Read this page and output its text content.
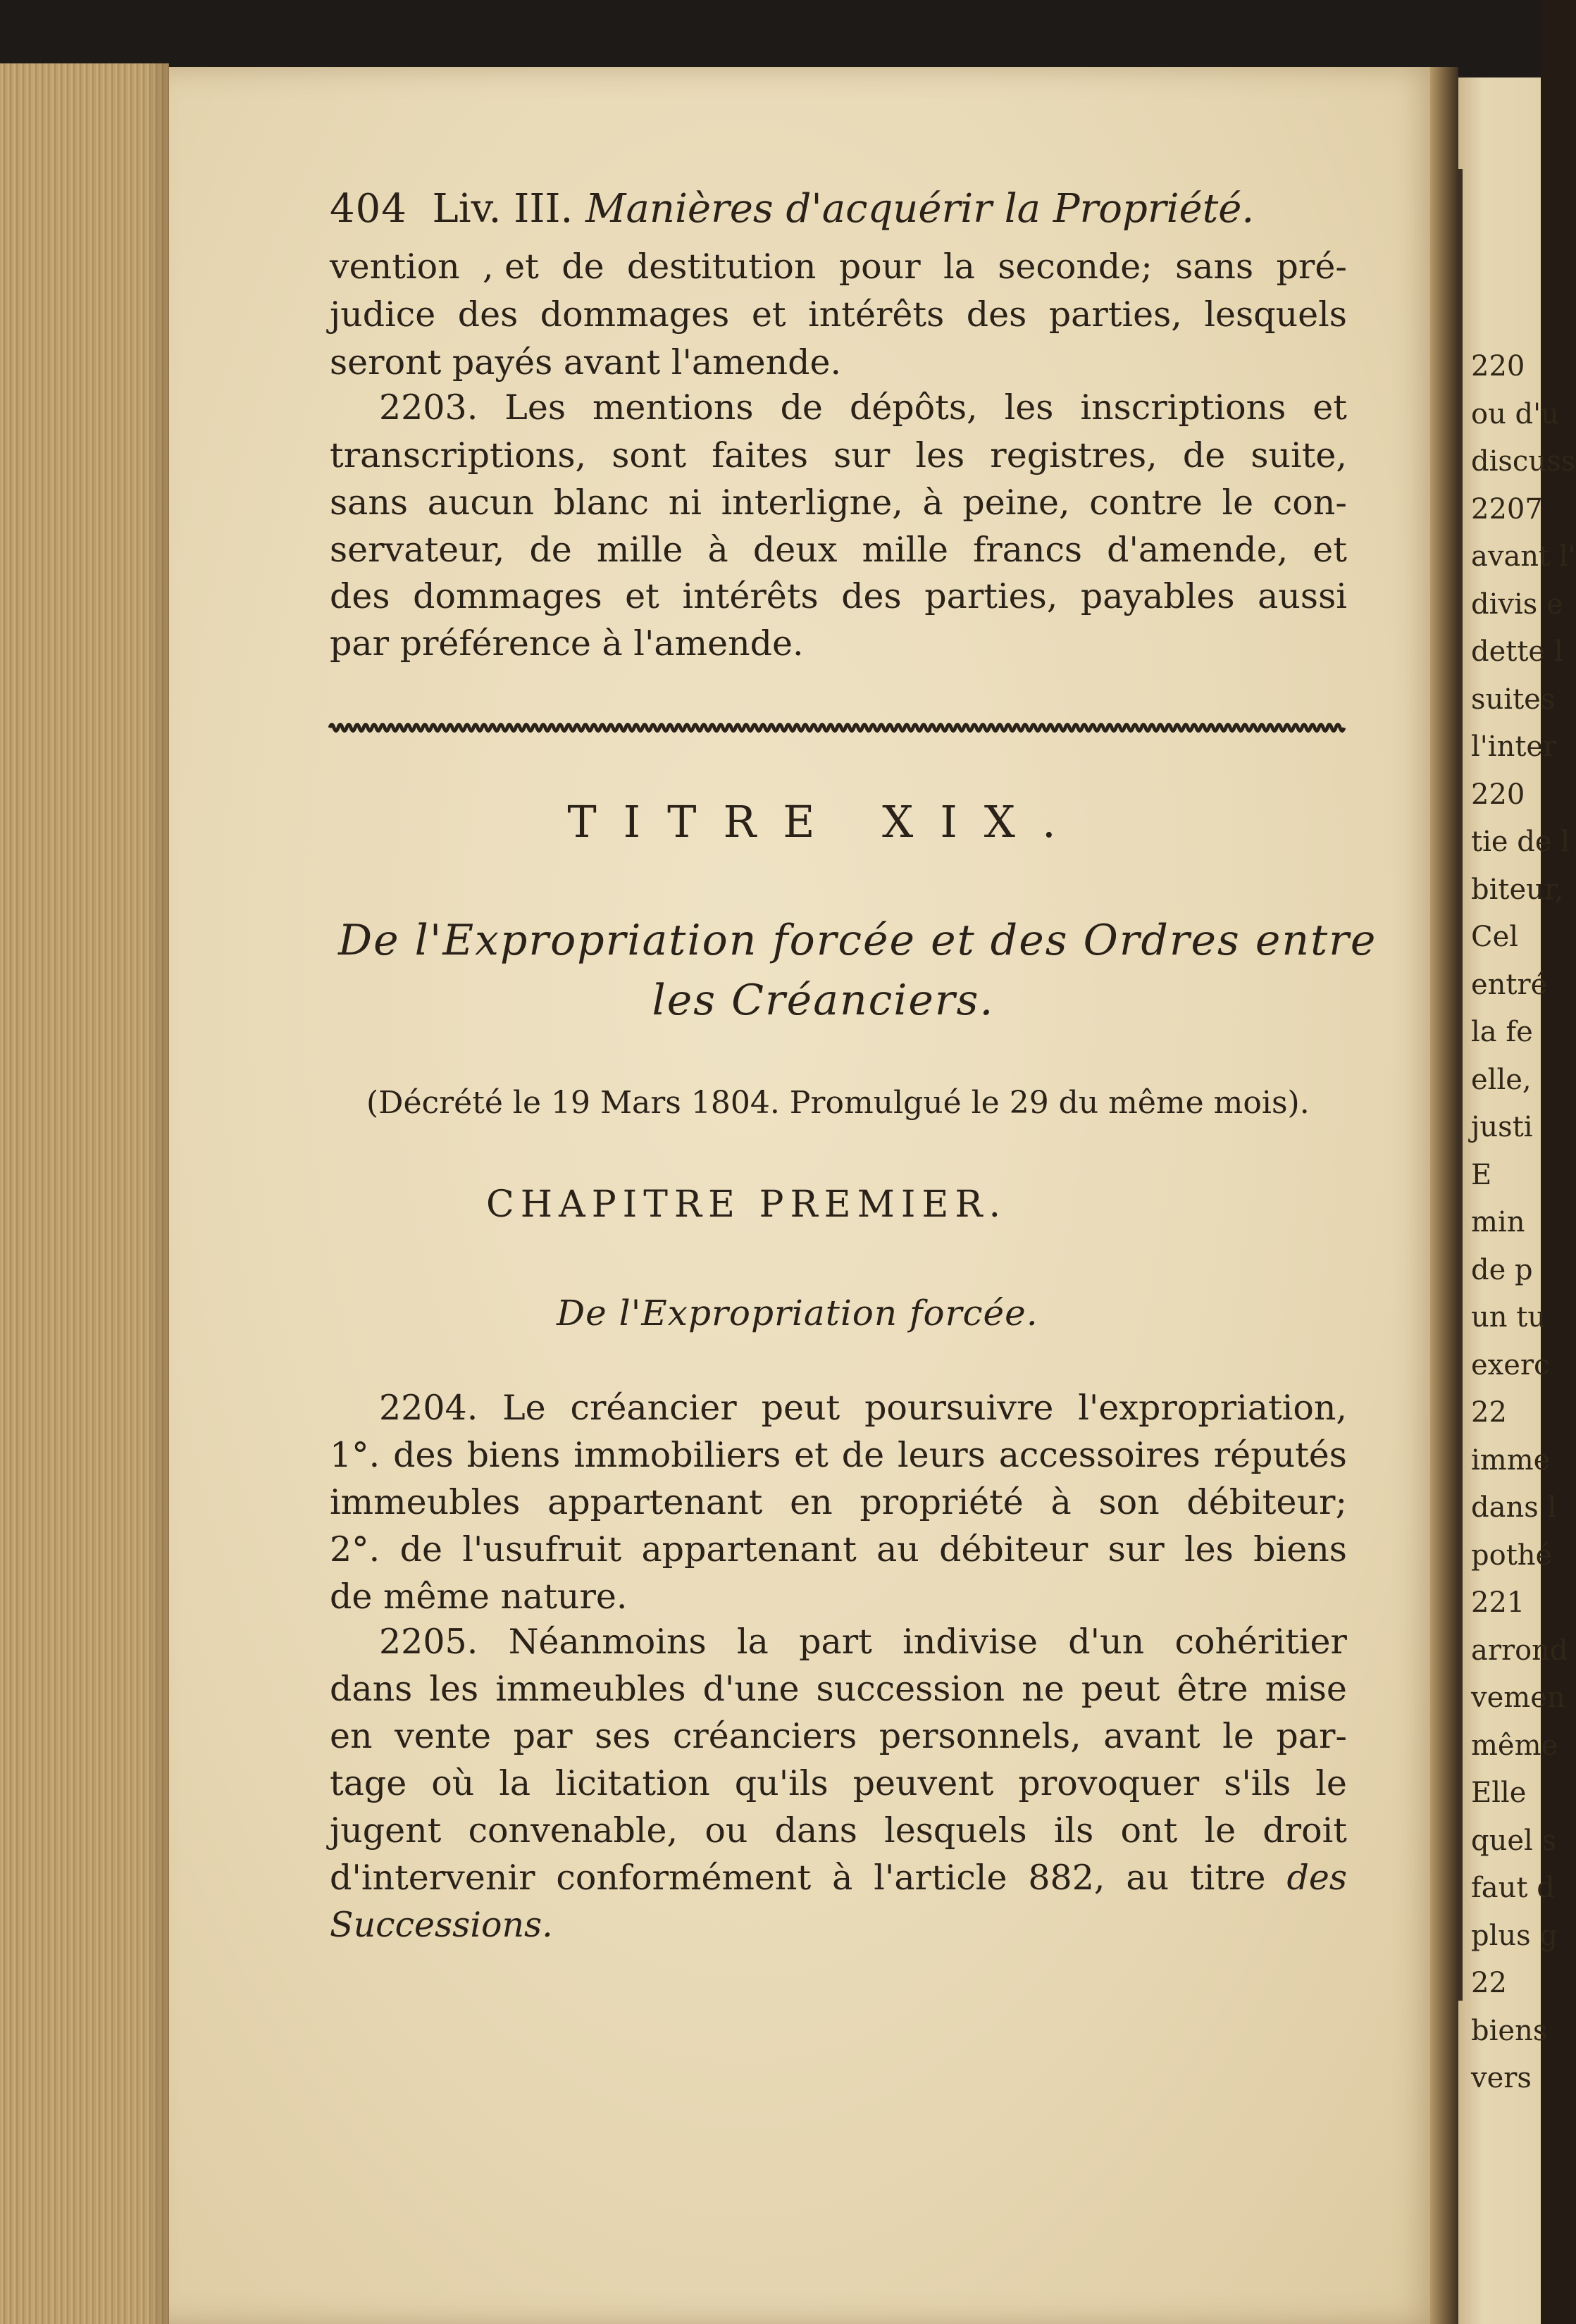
220
ou d'u
discuss
2207
avant l'
divis e
dette l
suites
l'inter
220
tie de l
biteur,
Cel
entré
la fe
elle,
justi
E
min
de p
un tu
exerc
22
imme
dans l
pothé
221
arrond
vemen
même
Elle
quel s
faut d
plus g
22
biens
vers
404 Liv. III. Manières d'acquérir la Propriété.
vention , et de destitution pour la seconde; sans pré-
judice des dommages et intérêts des parties, lesquels
seront payés avant l'amende.
2203. Les mentions de dépôts, les inscriptions et
transcriptions, sont faites sur les registres, de suite,
sans aucun blanc ni interligne, à peine, contre le con-
servateur, de mille à deux mille francs d'amende, et
des dommages et intérêts des parties, payables aussi
par préférence à l'amende.
2204. Le créancier peut poursuivre l'expropriation,
1°. des biens immobiliers et de leurs accessoires réputés
immeubles appartenant en propriété à son débiteur;
2°. de l'usufruit appartenant au débiteur sur les biens
de même nature.
2205. Néanmoins la part indivise d'un cohéritier
dans les immeubles d'une succession ne peut être mise
en vente par ses créanciers personnels, avant le par-
tage où la licitation qu'ils peuvent provoquer s'ils le
jugent convenable, ou dans lesquels ils ont le droit
d'intervenir conformément à l'article 882, au titre des
Successions.
TITRE XIX.
De l'Expropriation forcée et des Ordres entre
les Créanciers.
(Décrété le 19 Mars 1804. Promulgué le 29 du même mois).
CHAPITRE PREMIER.
De l'Expropriation forcée.
